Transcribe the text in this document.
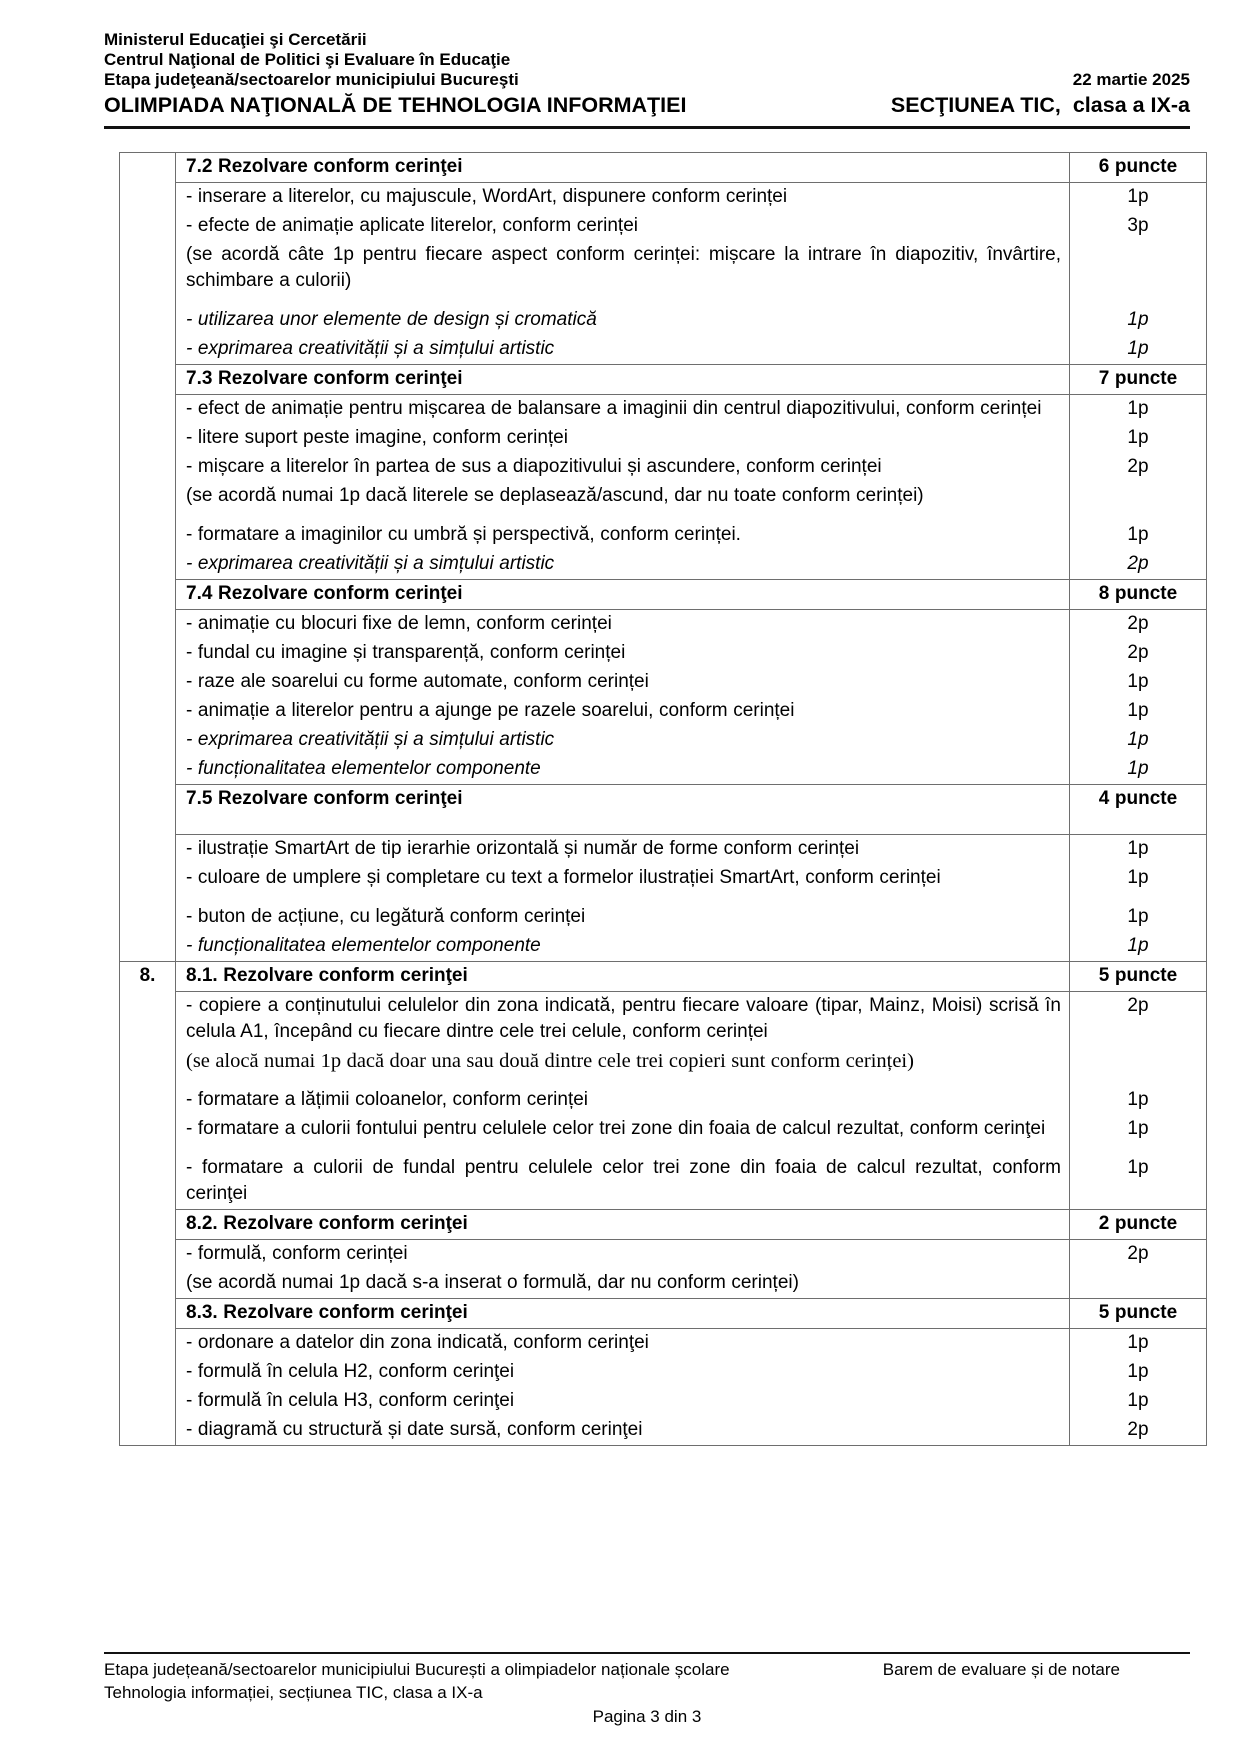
Ministerul Educaţiei şi Cercetării
Centrul Naţional de Politici şi Evaluare în Educaţie
Etapa judeţeană/sectoarelor municipiului Bucureşti	22 martie 2025
OLIMPIADA NAŢIONALĂ DE TEHNOLOGIA INFORMAŢIEI	SECŢIUNEA TIC,  clasa a IX-a
	7.2 Rezolvare conform cerinţei	6 puncte
	- inserare a literelor, cu majuscule, WordArt, dispunere conform cerinței	1p
	- efecte de animație aplicate literelor, conform cerinței	3p
	(se acordă câte 1p pentru fiecare aspect conform cerinței: mișcare la intrare în diapozitiv, învârtire, schimbare a culorii)	
	- utilizarea unor elemente de design și cromatică	1p
	- exprimarea creativității și a simțului artistic	1p
	7.3 Rezolvare conform cerinţei	7 puncte
	- efect de animație pentru mișcarea de balansare a imaginii din centrul diapozitivului, conform cerinței	1p
	- litere suport peste imagine, conform cerinței	1p
	- mișcare a literelor în partea de sus a diapozitivului și ascundere, conform cerinței	2p
	(se acordă numai 1p dacă literele se deplasează/ascund, dar nu toate conform cerinței)	
	- formatare a imaginilor cu umbră și perspectivă, conform cerinței.	1p
	- exprimarea creativității și a simțului artistic	2p
	7.4 Rezolvare conform cerinţei	8 puncte
	- animație cu blocuri fixe de lemn, conform cerinței	2p
	- fundal cu imagine și transparență, conform cerinței	2p
	- raze ale soarelui cu forme automate, conform cerinței	1p
	- animație a literelor pentru a ajunge pe razele soarelui, conform cerinței	1p
	- exprimarea creativității și a simțului artistic	1p
	- funcționalitatea elementelor componente	1p
	7.5 Rezolvare conform cerinţei	4 puncte
	- ilustrație SmartArt de tip ierarhie orizontală și număr de forme conform cerinței	1p
	- culoare de umplere și completare cu text a formelor ilustrației SmartArt, conform cerinței	1p
	- buton de acțiune, cu legătură conform cerinței	1p
	- funcționalitatea elementelor componente	1p
8.	8.1. Rezolvare conform cerinţei	5 puncte
	- copiere a conținutului celulelor din zona indicată, pentru fiecare valoare (tipar, Mainz, Moisi) scrisă în celula A1, începând cu fiecare dintre cele trei celule, conform cerinței	2p
	(se alocă numai 1p dacă doar una sau două dintre cele trei copieri sunt conform cerinței)	
	- formatare a lățimii coloanelor, conform cerinței	1p
	- formatare a culorii fontului pentru celulele celor trei zone din foaia de calcul rezultat, conform cerinţei	1p
	- formatare a culorii de fundal pentru celulele celor trei zone din foaia de calcul rezultat, conform cerinţei	1p
	8.2. Rezolvare conform cerinţei	2 puncte
	- formulă, conform cerinței	2p
	(se acordă numai 1p dacă s-a inserat o formulă, dar nu conform cerinței)	
	8.3. Rezolvare conform cerinţei	5 puncte
	- ordonare a datelor din zona indicată, conform cerinţei	1p
	- formulă în celula H2, conform cerinţei	1p
	- formulă în celula H3, conform cerinţei	1p
	- diagramă cu structură și date sursă, conform cerinţei	2p
Etapa județeană/sectoarelor municipiului București a olimpiadelor naționale școlare	Barem de evaluare și de notare
Tehnologia informației, secțiunea TIC, clasa a IX-a
Pagina 3 din 3
